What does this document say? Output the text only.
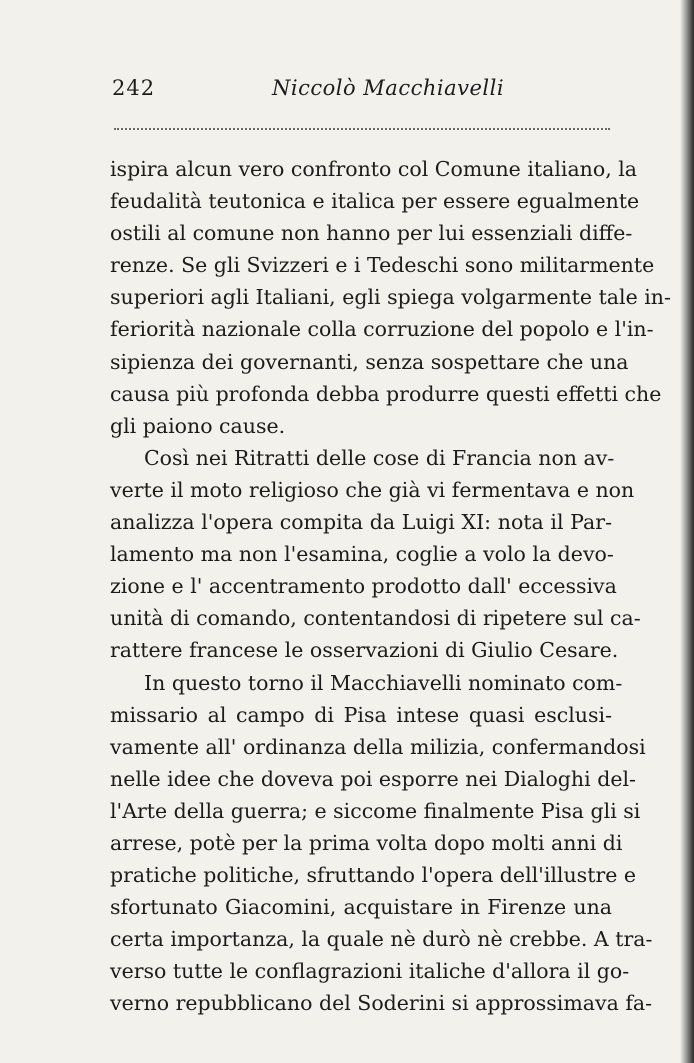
242	Niccolò Macchiavelli
ispira alcun vero confronto col Comune italiano, la
feudalità teutonica e italica per essere egualmente
ostili al comune non hanno per lui essenziali diffe-
renze. Se gli Svizzeri e i Tedeschi sono militarmente
superiori agli Italiani, egli spiega volgarmente tale in-
feriorità nazionale colla corruzione del popolo e l'in-
sipienza dei governanti, senza sospettare che una
causa più profonda debba produrre questi effetti che
gli paiono cause.
Così nei Ritratti delle cose di Francia non av-
verte il moto religioso che già vi fermentava e non
analizza l'opera compita da Luigi XI: nota il Par-
lamento ma non l'esamina, coglie a volo la devo-
zione e l' accentramento prodotto dall' eccessiva
unità di comando, contentandosi di ripetere sul ca-
rattere francese le osservazioni di Giulio Cesare.
In questo torno il Macchiavelli nominato com-
missario al campo di Pisa intese quasi esclusi-
vamente all' ordinanza della milizia, confermandosi
nelle idee che doveva poi esporre nei Dialoghi del-
l'Arte della guerra; e siccome finalmente Pisa gli si
arrese, potè per la prima volta dopo molti anni di
pratiche politiche, sfruttando l'opera dell'illustre e
sfortunato Giacomini, acquistare in Firenze una
certa importanza, la quale nè durò nè crebbe. A tra-
verso tutte le conflagrazioni italiche d'allora il go-
verno repubblicano del Soderini si approssimava fa-
